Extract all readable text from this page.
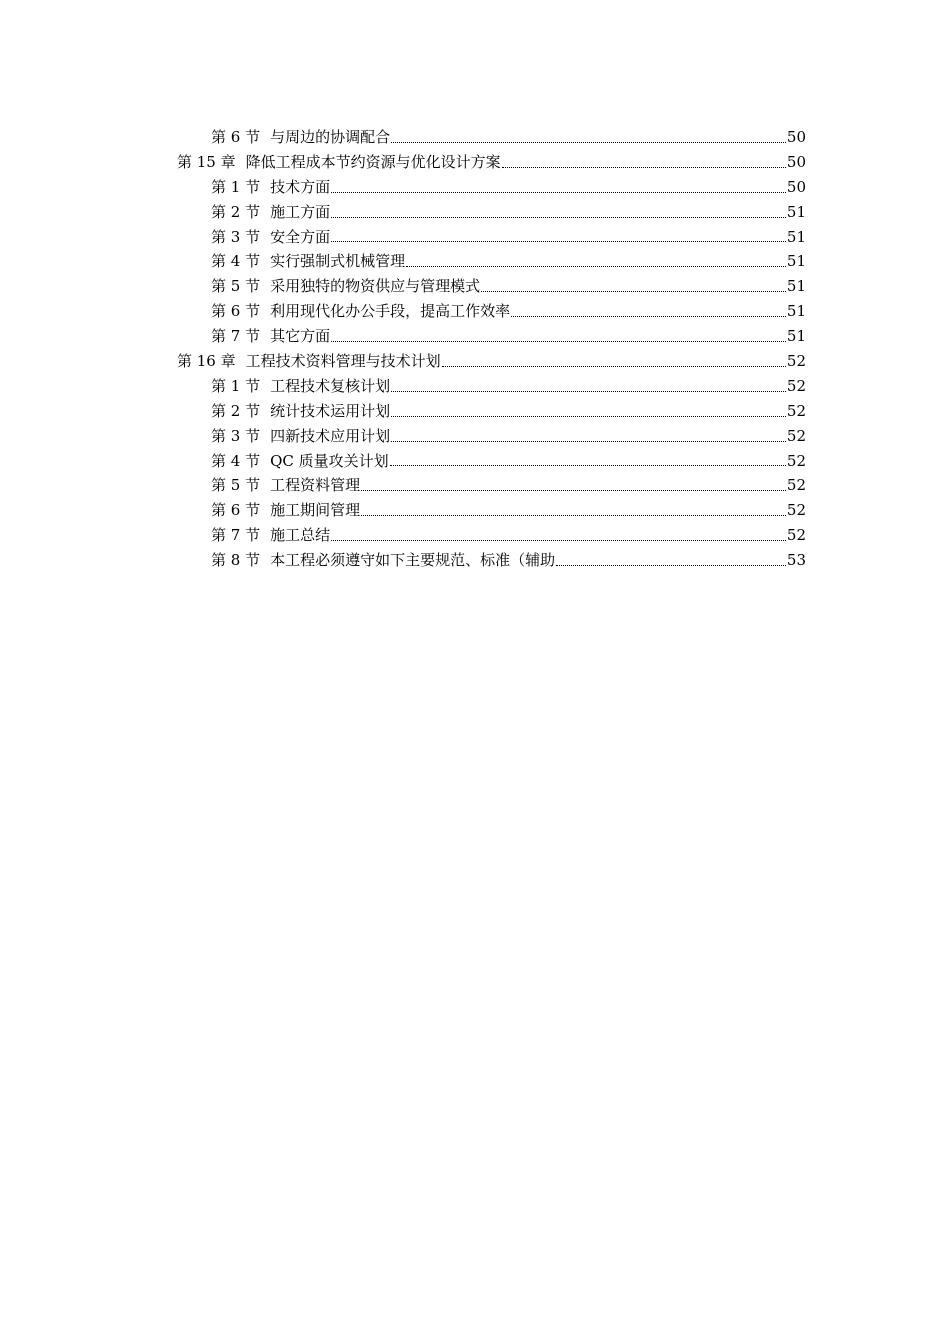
第 6 节 与周边的协调配合	50
第 15 章 降低工程成本节约资源与优化设计方案	50
第 1 节 技术方面	50
第 2 节 施工方面	51
第 3 节 安全方面	51
第 4 节 实行强制式机械管理	51
第 5 节 采用独特的物资供应与管理模式	51
第 6 节 利用现代化办公手段，提高工作效率	51
第 7 节 其它方面	51
第 16 章 工程技术资料管理与技术计划	52
第 1 节 工程技术复核计划	52
第 2 节 统计技术运用计划	52
第 3 节 四新技术应用计划	52
第 4 节 QC 质量攻关计划	52
第 5 节 工程资料管理	52
第 6 节 施工期间管理	52
第 7 节 施工总结	52
第 8 节 本工程必须遵守如下主要规范、标准（辅助	53
